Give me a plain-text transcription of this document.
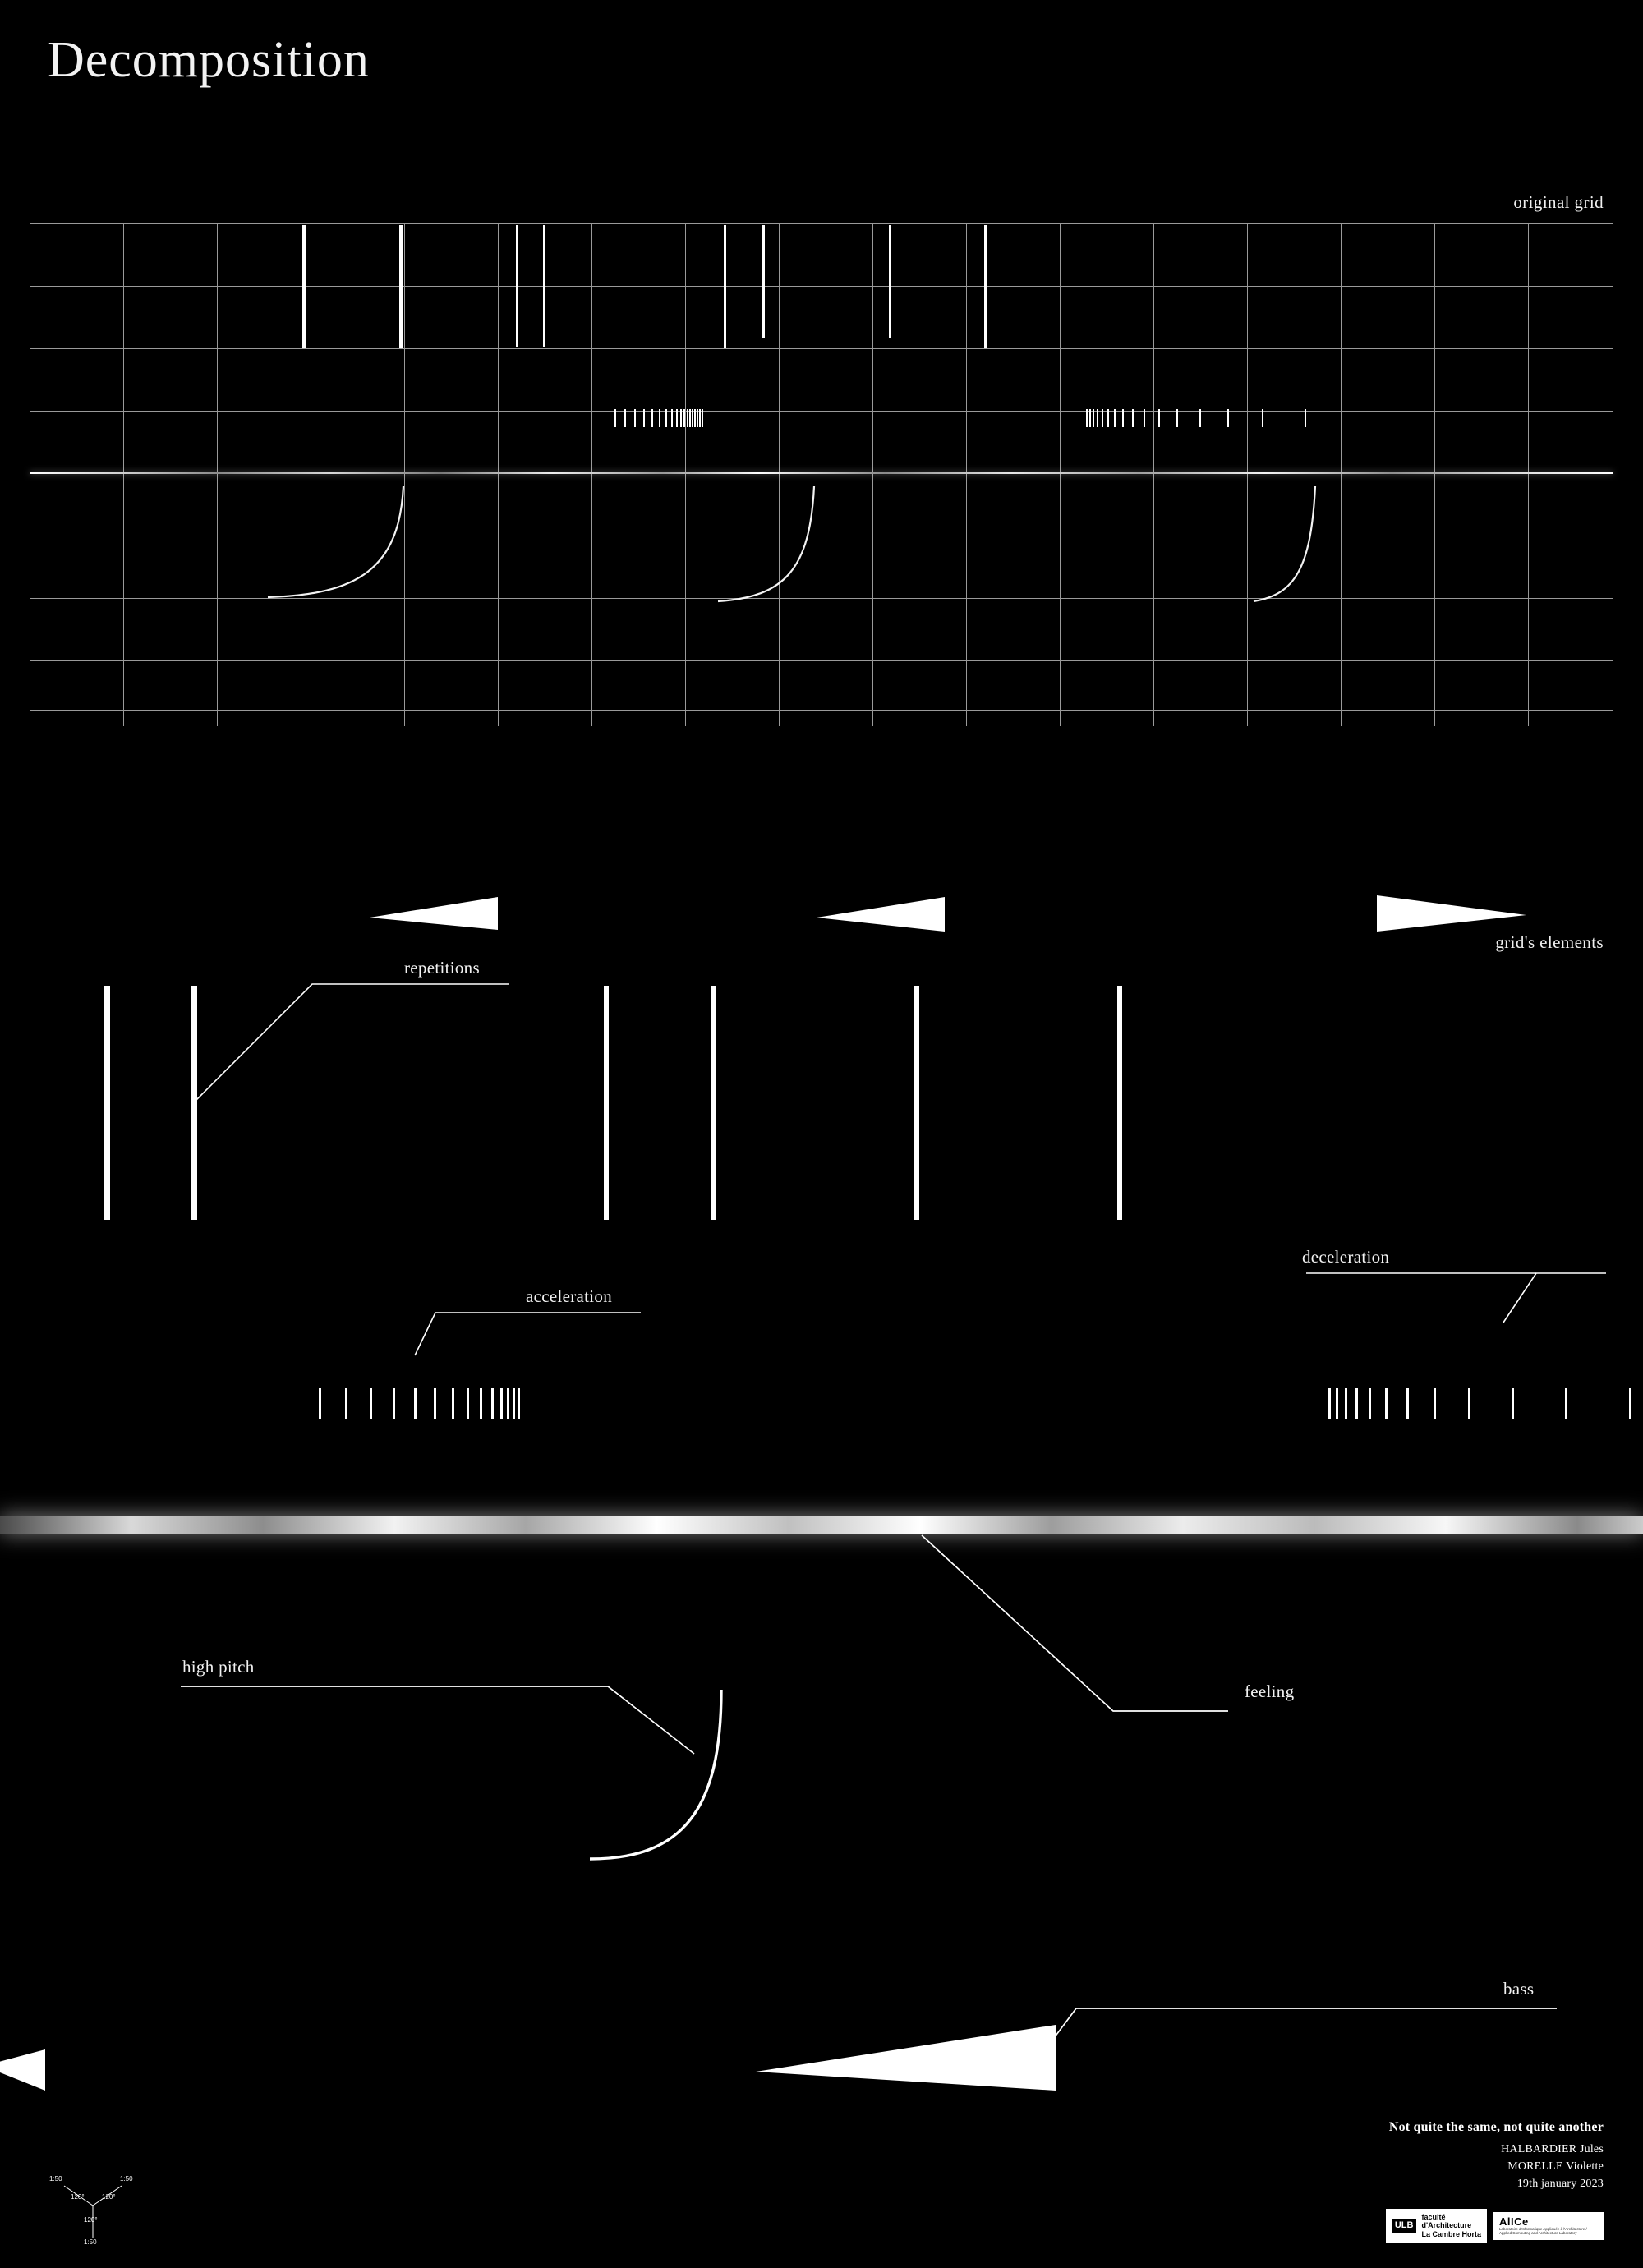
Decomposition
original grid
grid's elements
repetitions
acceleration
deceleration
high pitch
feeling
bass
Not quite the same, not quite another
HALBARDIER Jules
MORELLE Violette
19th january 2023
ULB
faculté
d'Architecture
La Cambre Horta
AlICe
Laboratoire d'Informatique Appliquée à l'Architecture / Applied Computing and Architecture Laboratory
1:50	1:50
1:50
120°	120°
120°
